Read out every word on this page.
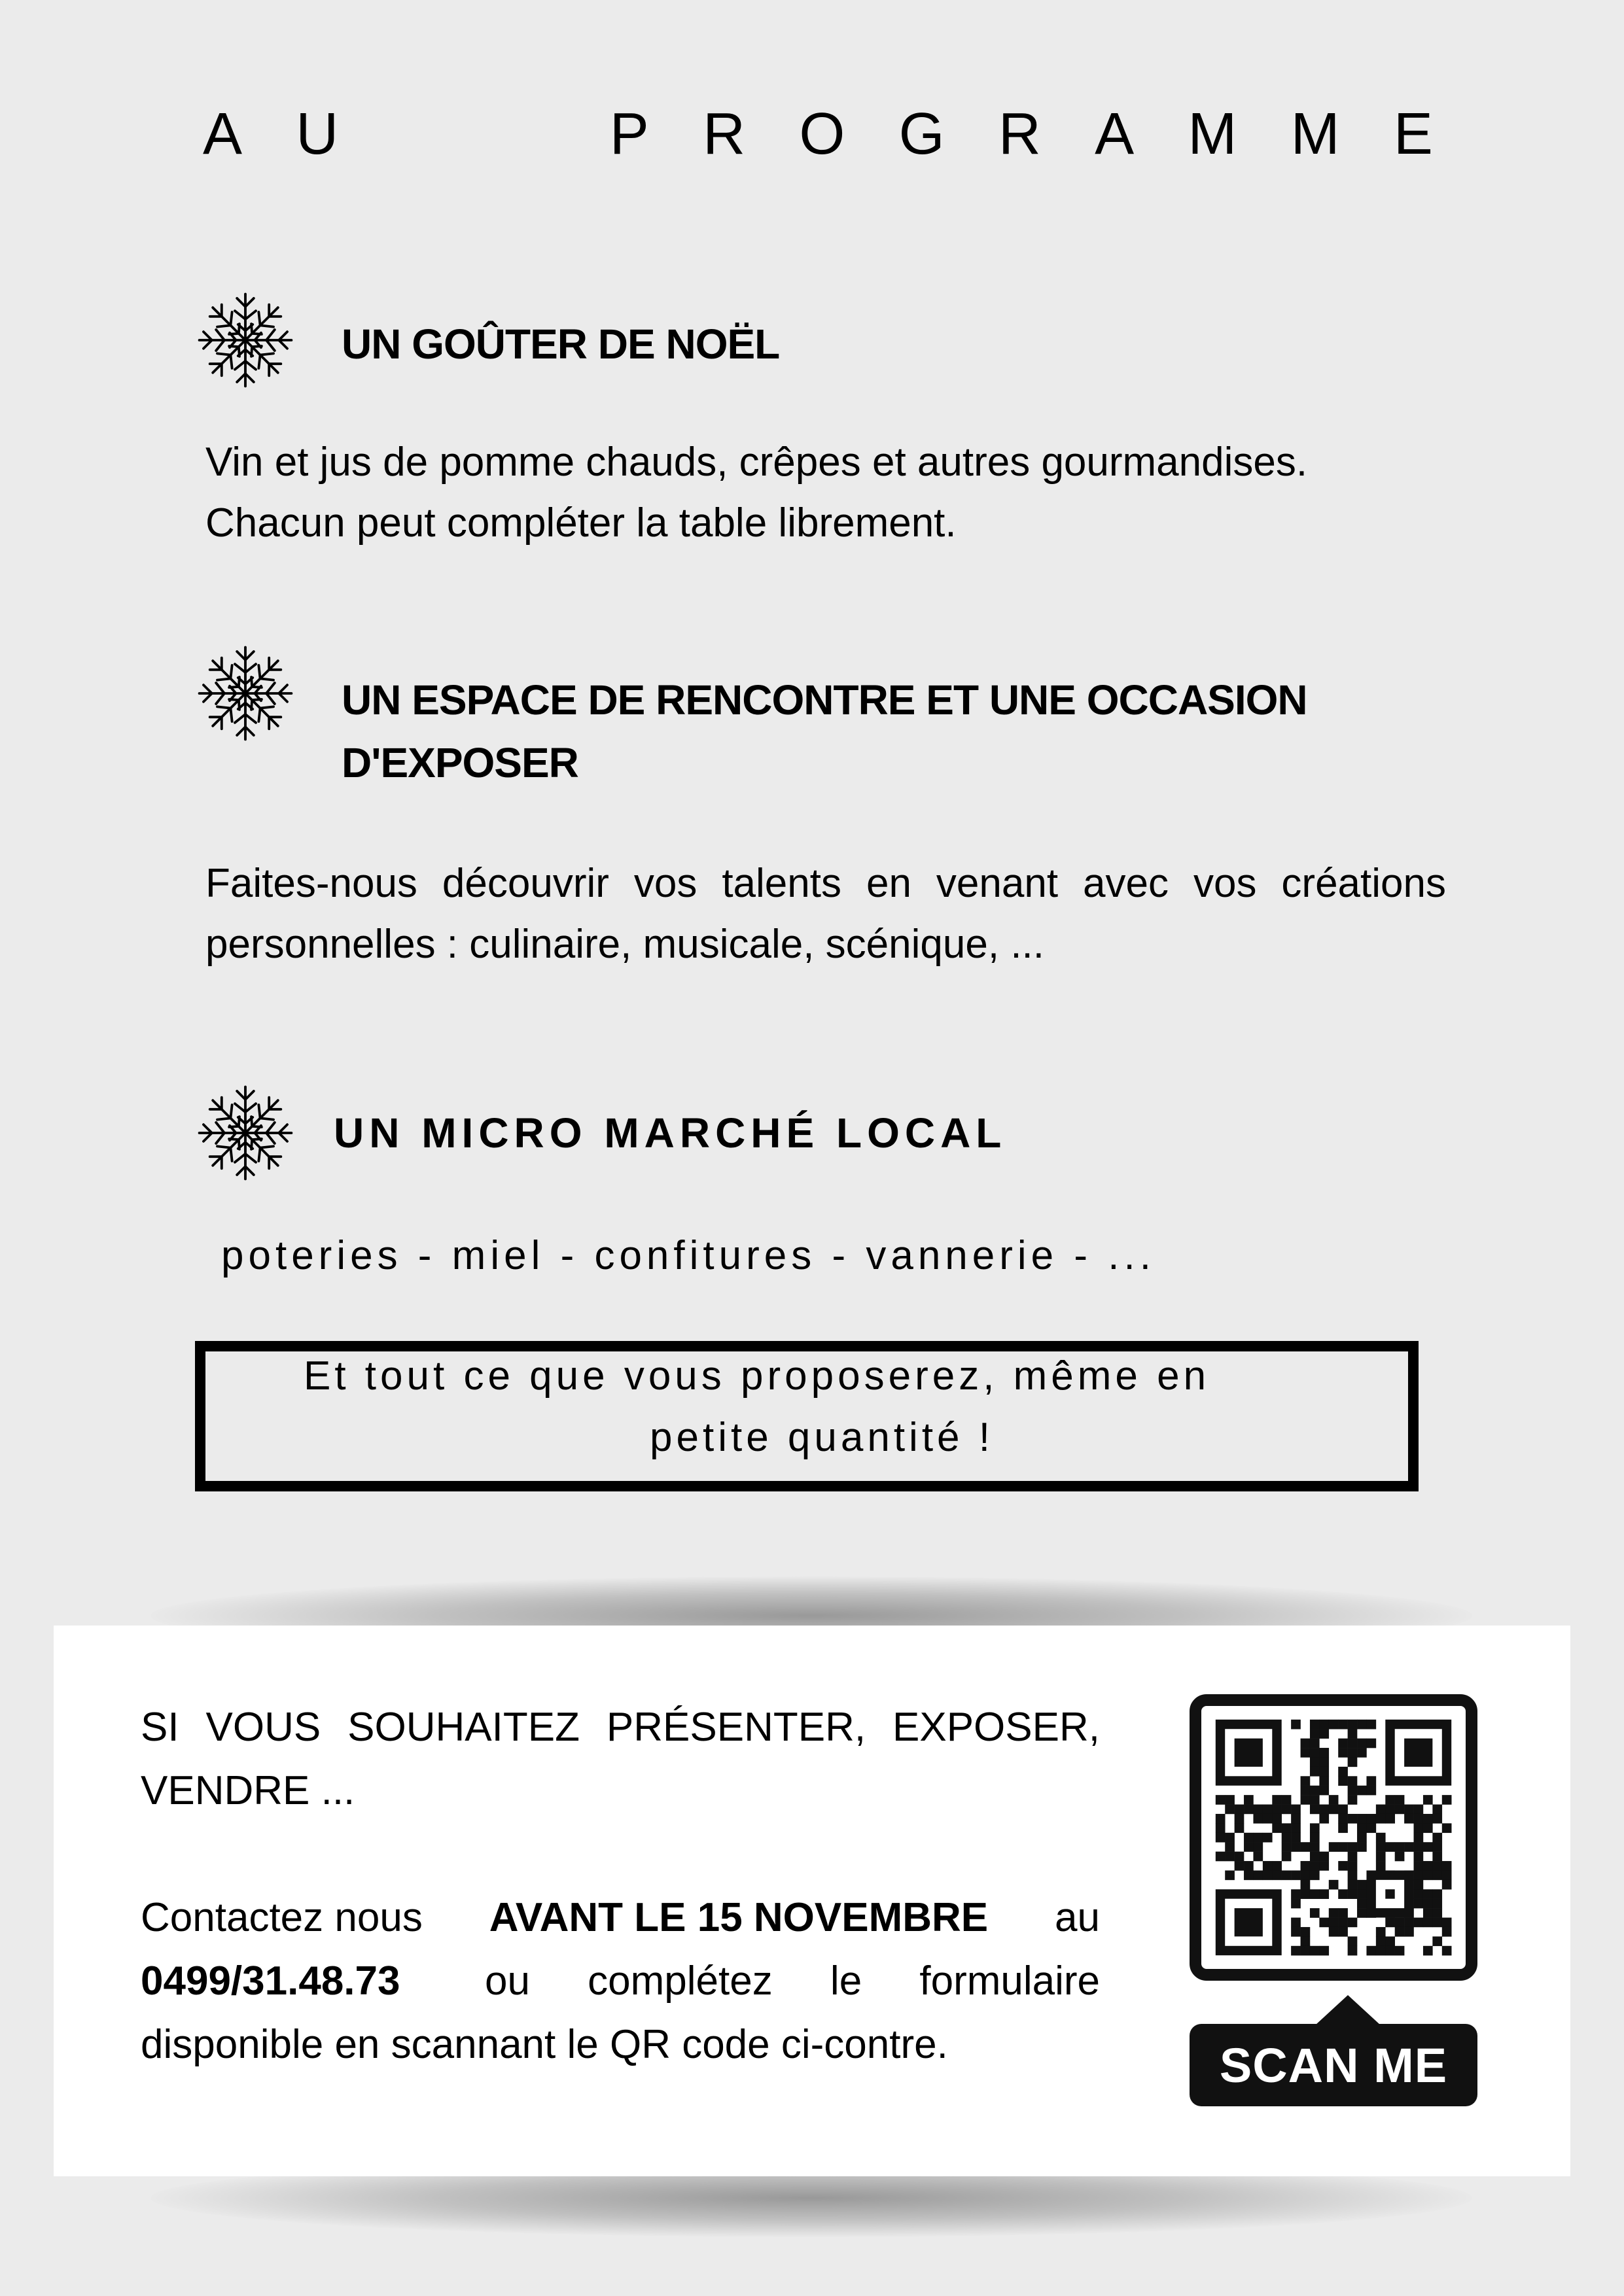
A U	P R O G R A M M E
UN GOÛTER DE NOËL
Vin et jus de pomme chauds, crêpes et autres gourmandises.
Chacun peut compléter la table librement.
UN ESPACE DE RENCONTRE ET UNE OCCASION
D'EXPOSER
Faites-nous découvrir vos talents en venant avec vos créations
personnelles : culinaire, musicale, scénique, ...
UN MICRO MARCHÉ LOCAL
poteries - miel - confitures - vannerie - ...
Et tout ce que vous proposerez, même en
petite quantité !
SI VOUS SOUHAITEZ PRÉSENTER, EXPOSER,
VENDRE ...
Contactez nous AVANT LE 15 NOVEMBRE au
0499/31.48.73 ou complétez le formulaire
disponible en scannant le QR code ci-contre.	SCAN ME
